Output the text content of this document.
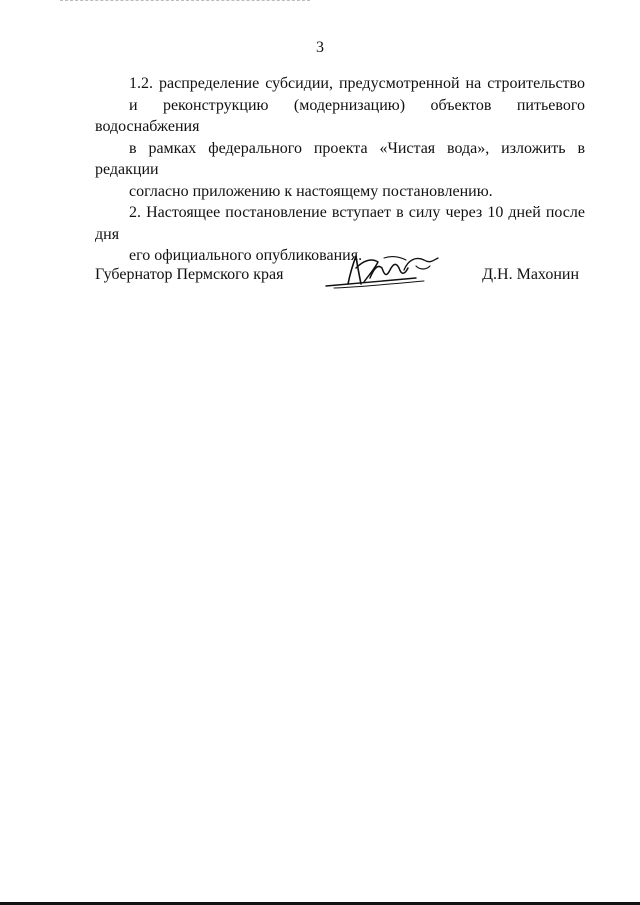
3

1.2. распределение субсидии, предусмотренной на строительство
и реконструкцию (модернизацию) объектов питьевого водоснабжения
в рамках федерального проекта «Чистая вода», изложить в редакции
согласно приложению к настоящему постановлению.

2. Настоящее постановление вступает в силу через 10 дней после дня
его официального опубликования.

Губернатор Пермского края	Д.Н. Махонин
